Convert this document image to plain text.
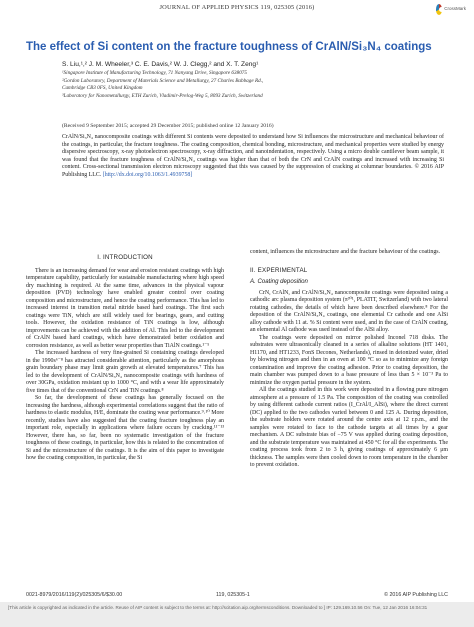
JOURNAL OF APPLIED PHYSICS 119, 025305 (2016)	CrossMark
The effect of Si content on the fracture toughness of CrAlN/Si₃N₄ coatings
S. Liu,¹,² J. M. Wheeler,³ C. E. Davis,² W. J. Clegg,² and X. T. Zeng¹
¹Singapore Institute of Manufacturing Technology, 71 Nanyang Drive, Singapore 638075
²Gordon Laboratory, Department of Materials Science and Metallurgy, 27 Charles Babbage Rd.,
Cambridge CB3 0FS, United Kingdom
³Laboratory for Nanometallurgy, ETH Zurich, Vladimir-Prelog-Weg 5, 8093 Zurich, Switzerland
(Received 9 September 2015; accepted 29 December 2015; published online 12 January 2016)
CrAlN/Si₃N₄ nanocomposite coatings with different Si contents were deposited to understand how Si influences the microstructure and mechanical behaviour of the coatings, in particular, the fracture toughness. The coating composition, chemical bonding, microstructure, and mechanical properties were studied by energy dispersive spectroscopy, x-ray photoelectron spectroscopy, x-ray diffraction, and nanoindentation, respectively. Using a micro double cantilever beam sample, it was found that the fracture toughness of CrAlN/Si₃N₄ coatings was higher than that of both the CrN and CrAlN coatings and increased with increasing Si content. Cross-sectional transmission electron microscopy suggested that this was caused by the suppression of cracking at columnar boundaries. © 2016 AIP Publishing LLC. [http://dx.doi.org/10.1063/1.4939758]
I. INTRODUCTION

There is an increasing demand for wear and erosion resistant coatings with high temperature capability, particularly for sustainable manufacturing where high speed dry machining is required. At the same time, advances in the physical vapour deposition (PVD) technology have enabled greater control over coating composition and microstructure, and hence the coating performance. This has led to increased interest in transition metal nitride based hard coatings. The first such coatings were TiN, which are still widely used for bearings, gears, and cutting tools. However, the oxidation resistance of TiN coatings is low, although improvements can be achieved with the addition of Al. This led to the development of CrAlN based hard coatings, which have demonstrated better oxidation and corrosion resistance, as well as better wear properties than TiAlN coatings.¹⁻⁵

The increased hardness of very fine-grained Si containing coatings developed in the 1990s⁶⁻⁸ has attracted considerable attention, particularly as the amorphous grain boundary phase may limit grain growth at elevated temperatures.⁷ This has led to the development of CrAlN/Si₃N₄ nanocomposite coatings with hardness of over 30GPa, oxidation resistant up to 1000 °C, and with a wear life approximately five times that of the conventional CrN and TiN coatings.⁸

So far, the development of these coatings has generally focused on the increasing the hardness, although experimental correlations suggest that the ratio of hardness to elastic modulus, H/E, dominate the coating wear performance.⁹˒¹⁰ More recently, studies have also suggested that the coating fracture toughness play an important role, especially in applications where failure occurs by cracking.¹¹⁻¹³ However, there has, so far, been no systematic investigation of the fracture toughness of these coatings, in particular, how this is related to the concentration of Si and the microstructure of the coatings. It is the aim of this paper to investigate how the coating composition, in particular, the Si

content, influences the microstructure and the fracture behaviour of the coatings.

II. EXPERIMENTAL
A. Coating deposition

CrN, CrAlN, and CrAlN/Si₃N₄ nanocomposite coatings were deposited using a cathodic arc plasma deposition system (π³⁰¹, PLATIT, Switzerland) with two lateral rotating cathodes, the details of which have been described elsewhere.⁸ For the deposition of the CrAlN/Si₃N₄ coatings, one elemental Cr cathode and one AlSi alloy cathode with 11 at. % Si content were used, and in the case of CrAlN coating, an elemental Al cathode was used instead of the AlSi alloy.

The coatings were deposited on mirror polished Inconel 718 disks. The substrates were ultrasonically cleaned in a series of alkaline solutions (HT 1401, H1170, and HT1233, FonS Decones, Netherlands), rinsed in deionized water, dried by blowing nitrogen and then in an oven at 100 °C so as to minimize any foreign contamination and improve the coating adhesion. Prior to coating deposition, the main chamber was pumped down to a base pressure of less than 5 × 10⁻³ Pa to minimize the oxygen partial pressure in the system.

All the coatings studied in this work were deposited in a flowing pure nitrogen atmosphere at a pressure of 1.5 Pa. The composition of the coating was controlled by using different cathode current ratios (I_CrAl/I_AlSi), where the direct current (DC) applied to the two cathodes varied between 0 and 125 A. During deposition, the substrate holders were rotated around the centre axis at 12 r.p.m., and the samples were rotated to face to the cathode targets at all times by a gear mechanism. A DC substrate bias of −75 V was applied during coating deposition, and the substrate temperature was maintained at 450 °C for all the experiments. The coating process took from 2 to 3 h, giving coatings of approximately 6 μm thickness. The samples were then cooled down to room temperature in the chamber to prevent oxidation.

0021-8979/2016/119(2)/025305/6/$30.00	119, 025305-1	© 2016 AIP Publishing LLC
[This article is copyrighted as indicated in the article. Reuse of AIP content is subject to the terms at: http://scitation.aip.org/termsconditions. Downloaded to ] IP: 129.169.10.56 On: Tue, 12 Jan 2016 16:04:31
